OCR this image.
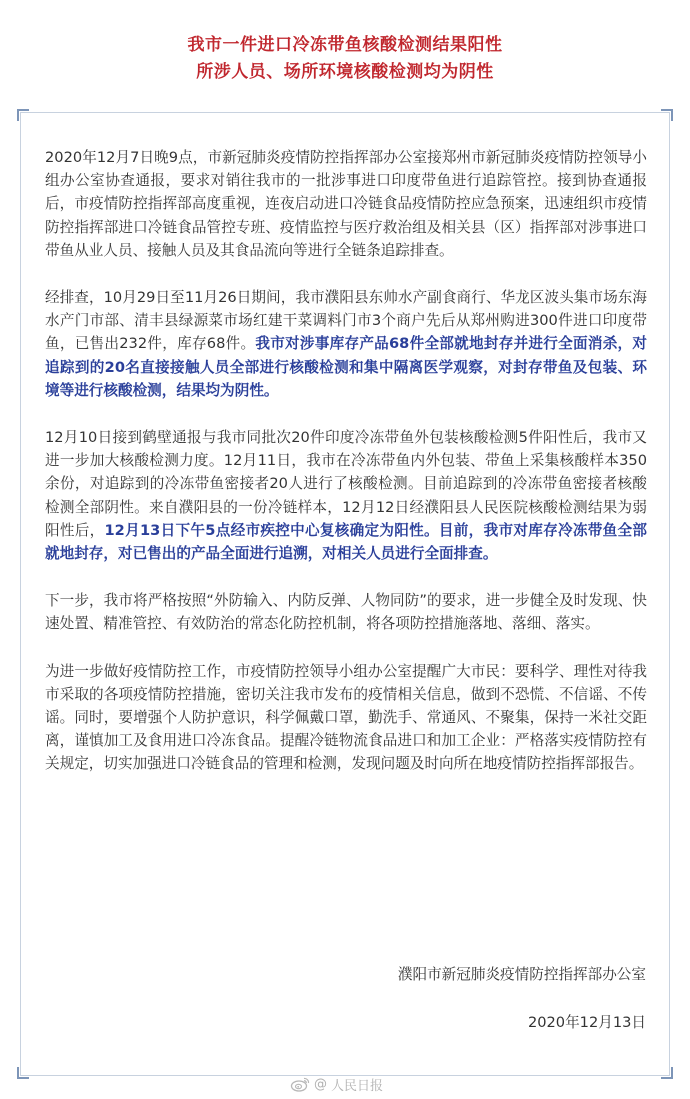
我市一件进口冷冻带鱼核酸检测结果阳性
所涉人员、场所环境核酸检测均为阴性

2020年12月7日晚9点，市新冠肺炎疫情防控指挥部办公室接郑州市新冠肺炎疫情防控领导小组办公室协查通报，要求对销往我市的一批涉事进口印度带鱼进行追踪管控。接到协查通报后，市疫情防控指挥部高度重视，连夜启动进口冷链食品疫情防控应急预案，迅速组织市疫情防控指挥部进口冷链食品管控专班、疫情监控与医疗救治组及相关县（区）指挥部对涉事进口带鱼从业人员、接触人员及其食品流向等进行全链条追踪排查。

经排查，10月29日至11月26日期间，我市濮阳县东帅水产副食商行、华龙区波头集市场东海水产门市部、清丰县绿源菜市场红建干菜调料门市3个商户先后从郑州购进300件进口印度带鱼，已售出232件，库存68件。我市对涉事库存产品68件全部就地封存并进行全面消杀，对追踪到的20名直接接触人员全部进行核酸检测和集中隔离医学观察，对封存带鱼及包装、环境等进行核酸检测，结果均为阴性。

12月10日接到鹤壁通报与我市同批次20件印度冷冻带鱼外包装核酸检测5件阳性后，我市又进一步加大核酸检测力度。12月11日，我市在冷冻带鱼内外包装、带鱼上采集核酸样本350余份，对追踪到的冷冻带鱼密接者20人进行了核酸检测。目前追踪到的冷冻带鱼密接者核酸检测全部阴性。来自濮阳县的一份冷链样本，12月12日经濮阳县人民医院核酸检测结果为弱阳性后，12月13日下午5点经市疾控中心复核确定为阳性。目前，我市对库存冷冻带鱼全部就地封存，对已售出的产品全面进行追溯，对相关人员进行全面排查。

下一步，我市将严格按照“外防输入、内防反弹、人物同防”的要求，进一步健全及时发现、快速处置、精准管控、有效防治的常态化防控机制，将各项防控措施落地、落细、落实。

为进一步做好疫情防控工作，市疫情防控领导小组办公室提醒广大市民：要科学、理性对待我市采取的各项疫情防控措施，密切关注我市发布的疫情相关信息，做到不恐慌、不信谣、不传谣。同时，要增强个人防护意识，科学佩戴口罩，勤洗手、常通风、不聚集，保持一米社交距离，谨慎加工及食用进口冷冻食品。提醒冷链物流食品进口和加工企业：严格落实疫情防控有关规定，切实加强进口冷链食品的管理和检测，发现问题及时向所在地疫情防控指挥部报告。

濮阳市新冠肺炎疫情防控指挥部办公室
2020年12月13日
@ 人民日报
